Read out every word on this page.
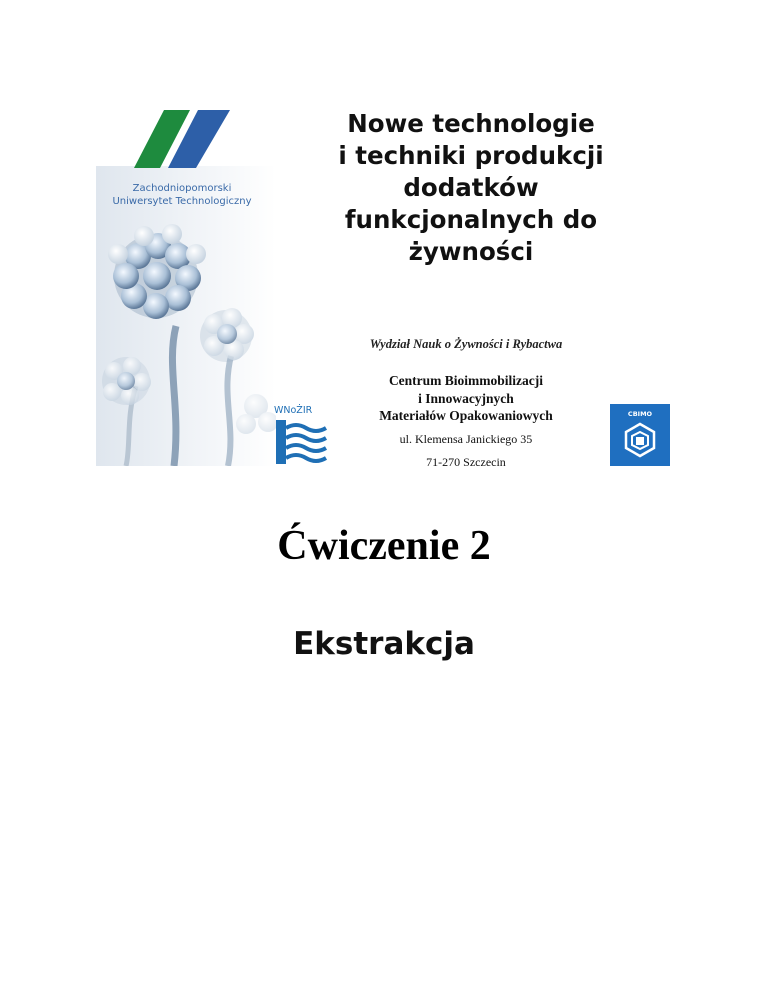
Zachodniopomorski
Uniwersytet Technologiczny
Nowe technologie
i techniki produkcji
dodatków
funkcjonalnych do
żywności
Wydział Nauk o Żywności i Rybactwa
Centrum Bioimmobilizacji
i Innowacyjnych
Materiałów Opakowaniowych
ul. Klemensa Janickiego 35
71-270 Szczecin
WNoŻIR	CBIMO
Ćwiczenie 2
Ekstrakcja
